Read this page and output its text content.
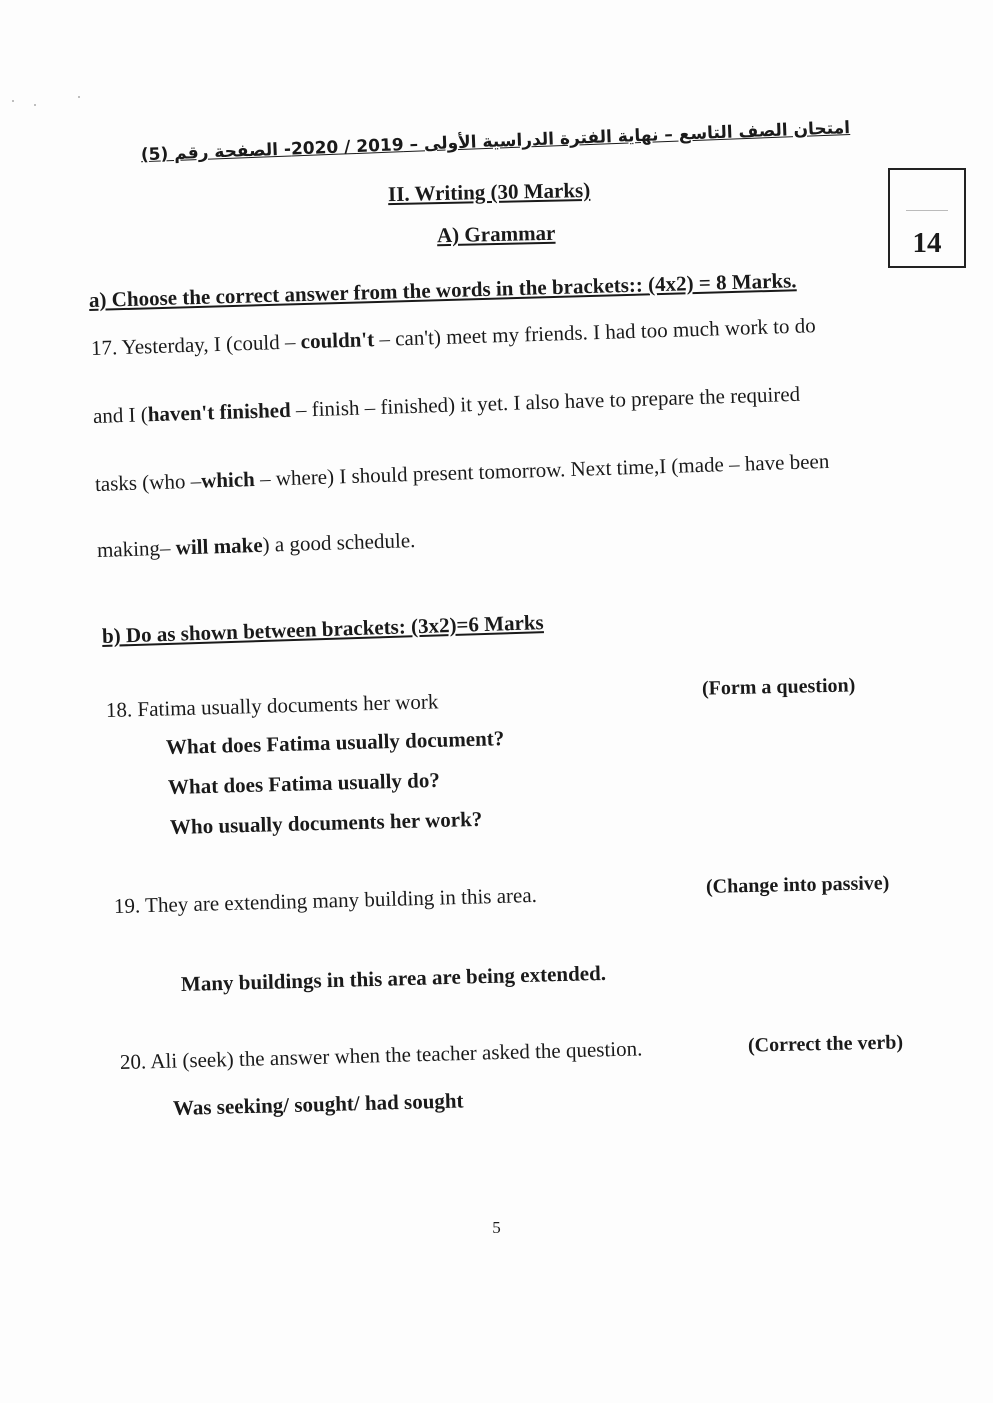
امتحان الصف التاسع – نهاية الفترة الدراسية الأولى – 2019 / 2020- الصفحة رقم (5)
II. Writing (30 Marks)
A) Grammar	14
a) Choose the correct answer from the words in the brackets:: (4x2) = 8 Marks.
17. Yesterday, I (could – couldn't – can't) meet my friends. I had too much work to do
and I (haven't finished – finish – finished) it yet. I also have to prepare the required
tasks (who –which – where) I should present tomorrow. Next time,I (made – have been
making– will make) a good schedule.
b) Do as shown between brackets: (3x2)=6 Marks
18. Fatima usually documents her work
(Form a question)
What does Fatima usually document?
What does Fatima usually do?
Who usually documents her work?
19. They are extending many building in this area.	(Change into passive)
Many buildings in this area are being extended.
20. Ali (seek) the answer when the teacher asked the question.	(Correct the verb)
Was seeking/ sought/ had sought
5
